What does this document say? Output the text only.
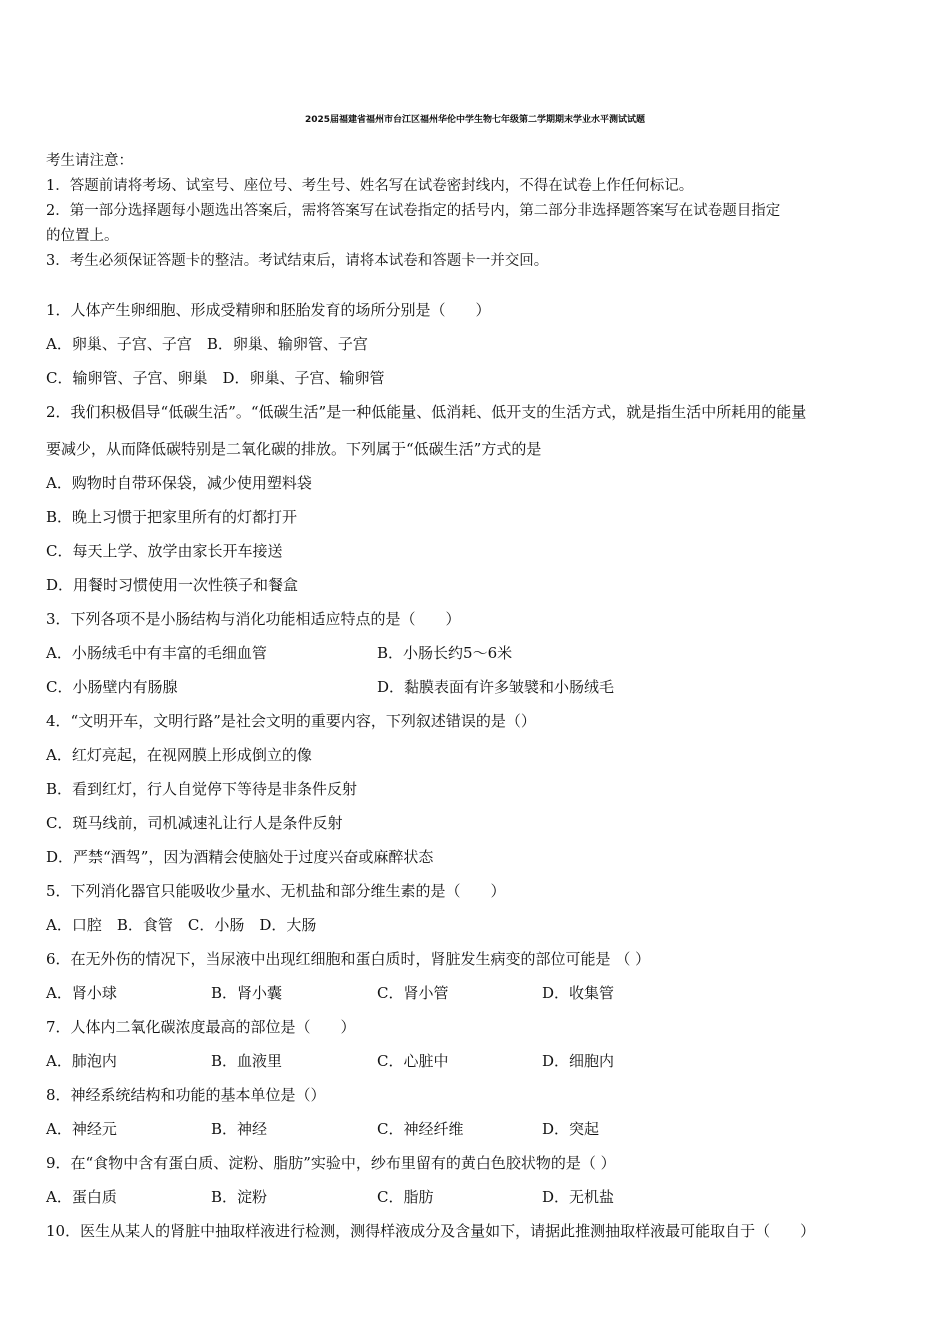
2025届福建省福州市台江区福州华伦中学生物七年级第二学期期末学业水平测试试题
考生请注意：
1．答题前请将考场、试室号、座位号、考生号、姓名写在试卷密封线内，不得在试卷上作任何标记。
2．第一部分选择题每小题选出答案后，需将答案写在试卷指定的括号内，第二部分非选择题答案写在试卷题目指定
的位置上。
3．考生必须保证答题卡的整洁。考试结束后，请将本试卷和答题卡一并交回。
1．人体产生卵细胞、形成受精卵和胚胎发育的场所分别是（　　）
A．卵巢、子宫、子宫　B．卵巢、输卵管、子宫
C．输卵管、子宫、卵巢　D．卵巢、子宫、输卵管
2．我们积极倡导“低碳生活”。“低碳生活”是一种低能量、低消耗、低开支的生活方式，就是指生活中所耗用的能量
要减少，从而降低碳特别是二氧化碳的排放。下列属于“低碳生活”方式的是
A．购物时自带环保袋，减少使用塑料袋
B．晚上习惯于把家里所有的灯都打开
C．每天上学、放学由家长开车接送
D．用餐时习惯使用一次性筷子和餐盒
3．下列各项不是小肠结构与消化功能相适应特点的是（　　）
A．小肠绒毛中有丰富的毛细血管	B．小肠长约5～6米
C．小肠壁内有肠腺	D．黏膜表面有许多皱襞和小肠绒毛
4．“文明开车，文明行路”是社会文明的重要内容，下列叙述错误的是（）
A．红灯亮起，在视网膜上形成倒立的像
B．看到红灯，行人自觉停下等待是非条件反射
C．斑马线前，司机减速礼让行人是条件反射
D．严禁“酒驾”，因为酒精会使脑处于过度兴奋或麻醉状态
5．下列消化器官只能吸收少量水、无机盐和部分维生素的是（　　）
A．口腔　B．食管　C．小肠　D．大肠
6．在无外伤的情况下，当尿液中出现红细胞和蛋白质时，肾脏发生病变的部位可能是 （ ）
A．肾小球	B．肾小囊	C．肾小管	D．收集管
7．人体内二氧化碳浓度最高的部位是（　　）
A．肺泡内	B．血液里	C．心脏中	D．细胞内
8．神经系统结构和功能的基本单位是（）
A．神经元	B．神经	C．神经纤维	D．突起
9．在“食物中含有蛋白质、淀粉、脂肪”实验中，纱布里留有的黄白色胶状物的是（ ）
A．蛋白质	B．淀粉	C．脂肪	D．无机盐
10．医生从某人的肾脏中抽取样液进行检测，测得样液成分及含量如下，请据此推测抽取样液最可能取自于（　　）
